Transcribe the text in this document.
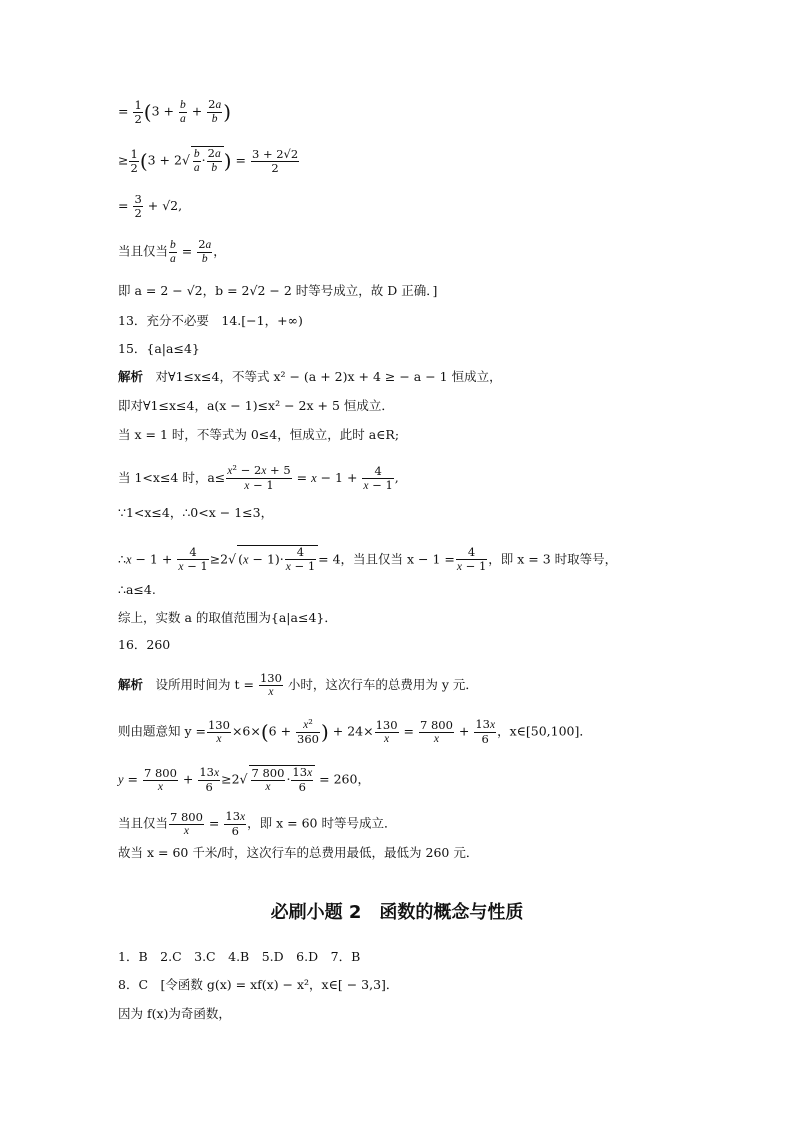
= $\frac{1}{2} (3 + \frac{b}{a} + \frac{2a}{b}$ )
≥ $\frac{1}{2} (3 + 2√ \frac{b}{a} \cdot \frac{2a}{b}$ ) = $\frac{3 + 2√2}{2}$
= $\frac{3}{2} + √2$,
当且仅当 $\frac{b}{a} = \frac{2a}{b}$ ，
即 a = 2 − √2，b = 2√2 − 2 时等号成立，故 D 正确．]
13．充分不必要　14.[−1，+∞)
15．{a|a≤4}
解析　 对∀1≤x≤4，不等式 x² − (a + 2)x + 4 ≥ − a − 1 恒成立，
即对∀1≤x≤4，a(x − 1)≤x² − 2x + 5 恒成立．
当 x = 1 时，不等式为 0≤4，恒成立，此时 a∈R;
当 1<x≤4 时，$a\le \frac{\text{x² − 2x + 5}}{x - 1} = x - 1 + \frac{4}{x - 1}$ ,
∵1<x≤4，∴0<x − 1≤3，
∴x − $1 + \frac{4}{x - 1} \ge 2√$ $(x - 1)\cdot \frac{4}{x - 1} = 4$，当且仅当 $x - 1 = \frac{4}{x - 1}$ ，即 x = 3 时取等号，
∴a≤4.
综上，实数 a 的取值范围为{a|a≤4}．
16．260
解析　 设所用时间为 $t = \frac{130}{x}$ 小时，这次行车的总费用为 y 元．
则由题意知 $y = \frac{130}{x} \times 6\times(6 + \frac{\text{x²}}{360}$ ) + $24\times \frac{130}{x} = \frac{7 800}{x} + \frac{13x}{6}$ ，x∈[50,100]．
$y = \frac{7 800}{x} + \frac{13x}{6} \ge 2√ \frac{7 800}{x} \cdot \frac{13x}{6} = 260$，
当且仅当 $\frac{7 800}{x} = \frac{13x}{6}$ ，即 x = 60 时等号成立．
故当 x = 60 千米/时，这次行车的总费用最低，最低为 260 元．
必刷小题 2　函数的概念与性质
1．B　2.C　3.C　4.B　5.D　6.D　7．B
8．C　[令函数 g(x) = xf(x) − x²，x∈[ − 3,3]．
因为 f(x)为奇函数，
